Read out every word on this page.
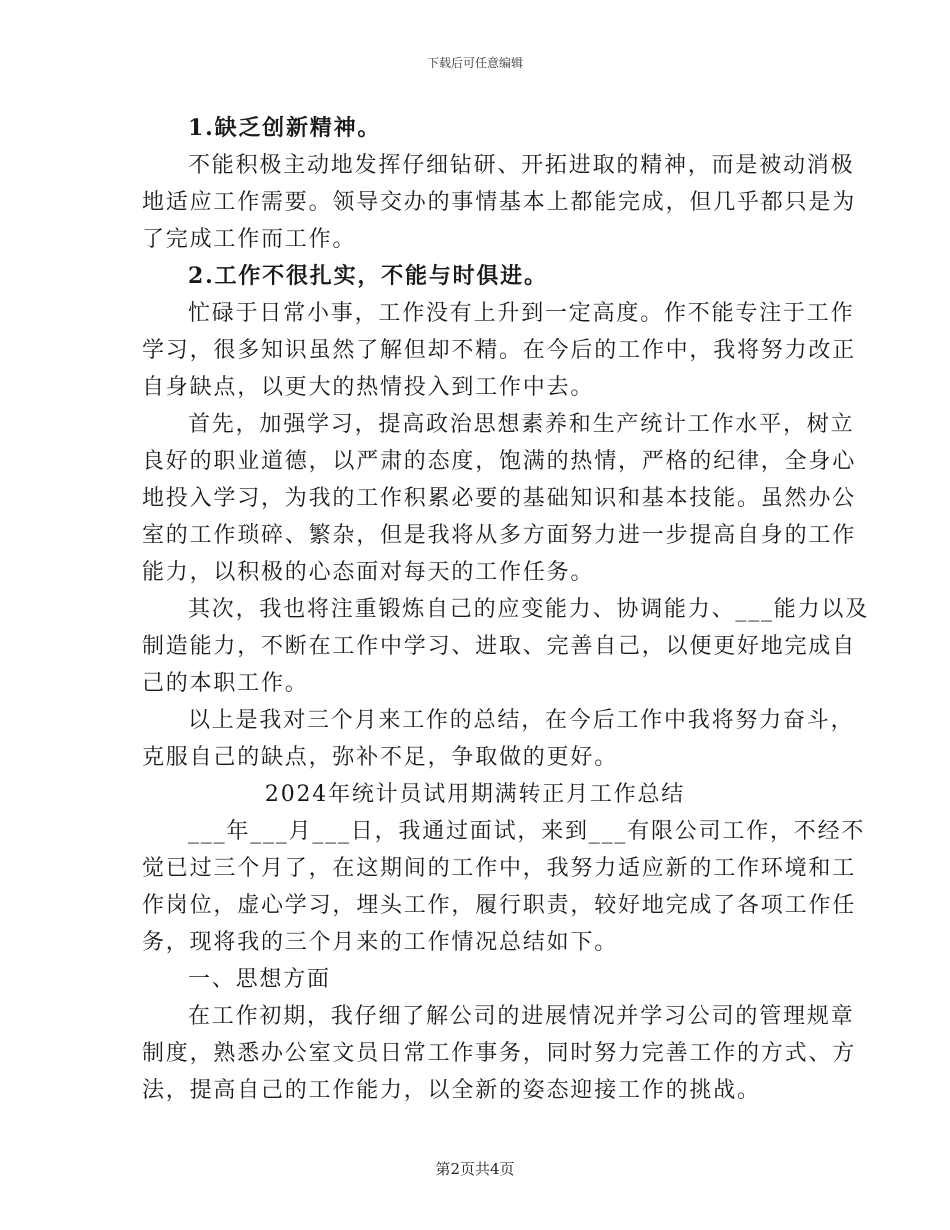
下载后可任意编辑
1.缺乏创新精神。
不能积极主动地发挥仔细钻研、开拓进取的精神，而是被动消极
地适应工作需要。领导交办的事情基本上都能完成，但几乎都只是为
了完成工作而工作。
2.工作不很扎实，不能与时俱进。
忙碌于日常小事，工作没有上升到一定高度。作不能专注于工作
学习，很多知识虽然了解但却不精。在今后的工作中，我将努力改正
自身缺点，以更大的热情投入到工作中去。
首先，加强学习，提高政治思想素养和生产统计工作水平，树立
良好的职业道德，以严肃的态度，饱满的热情，严格的纪律，全身心
地投入学习，为我的工作积累必要的基础知识和基本技能。虽然办公
室的工作琐碎、繁杂，但是我将从多方面努力进一步提高自身的工作
能力，以积极的心态面对每天的工作任务。
其次，我也将注重锻炼自己的应变能力、协调能力、___能力以及
制造能力，不断在工作中学习、进取、完善自己，以便更好地完成自
己的本职工作。
以上是我对三个月来工作的总结，在今后工作中我将努力奋斗，
克服自己的缺点，弥补不足，争取做的更好。
2024年统计员试用期满转正月工作总结
___年___月___日，我通过面试，来到___有限公司工作，不经不
觉已过三个月了，在这期间的工作中，我努力适应新的工作环境和工
作岗位，虚心学习，埋头工作，履行职责，较好地完成了各项工作任
务，现将我的三个月来的工作情况总结如下。
一、思想方面
在工作初期，我仔细了解公司的进展情况并学习公司的管理规章
制度，熟悉办公室文员日常工作事务，同时努力完善工作的方式、方
法，提高自己的工作能力，以全新的姿态迎接工作的挑战。
第2页共4页
